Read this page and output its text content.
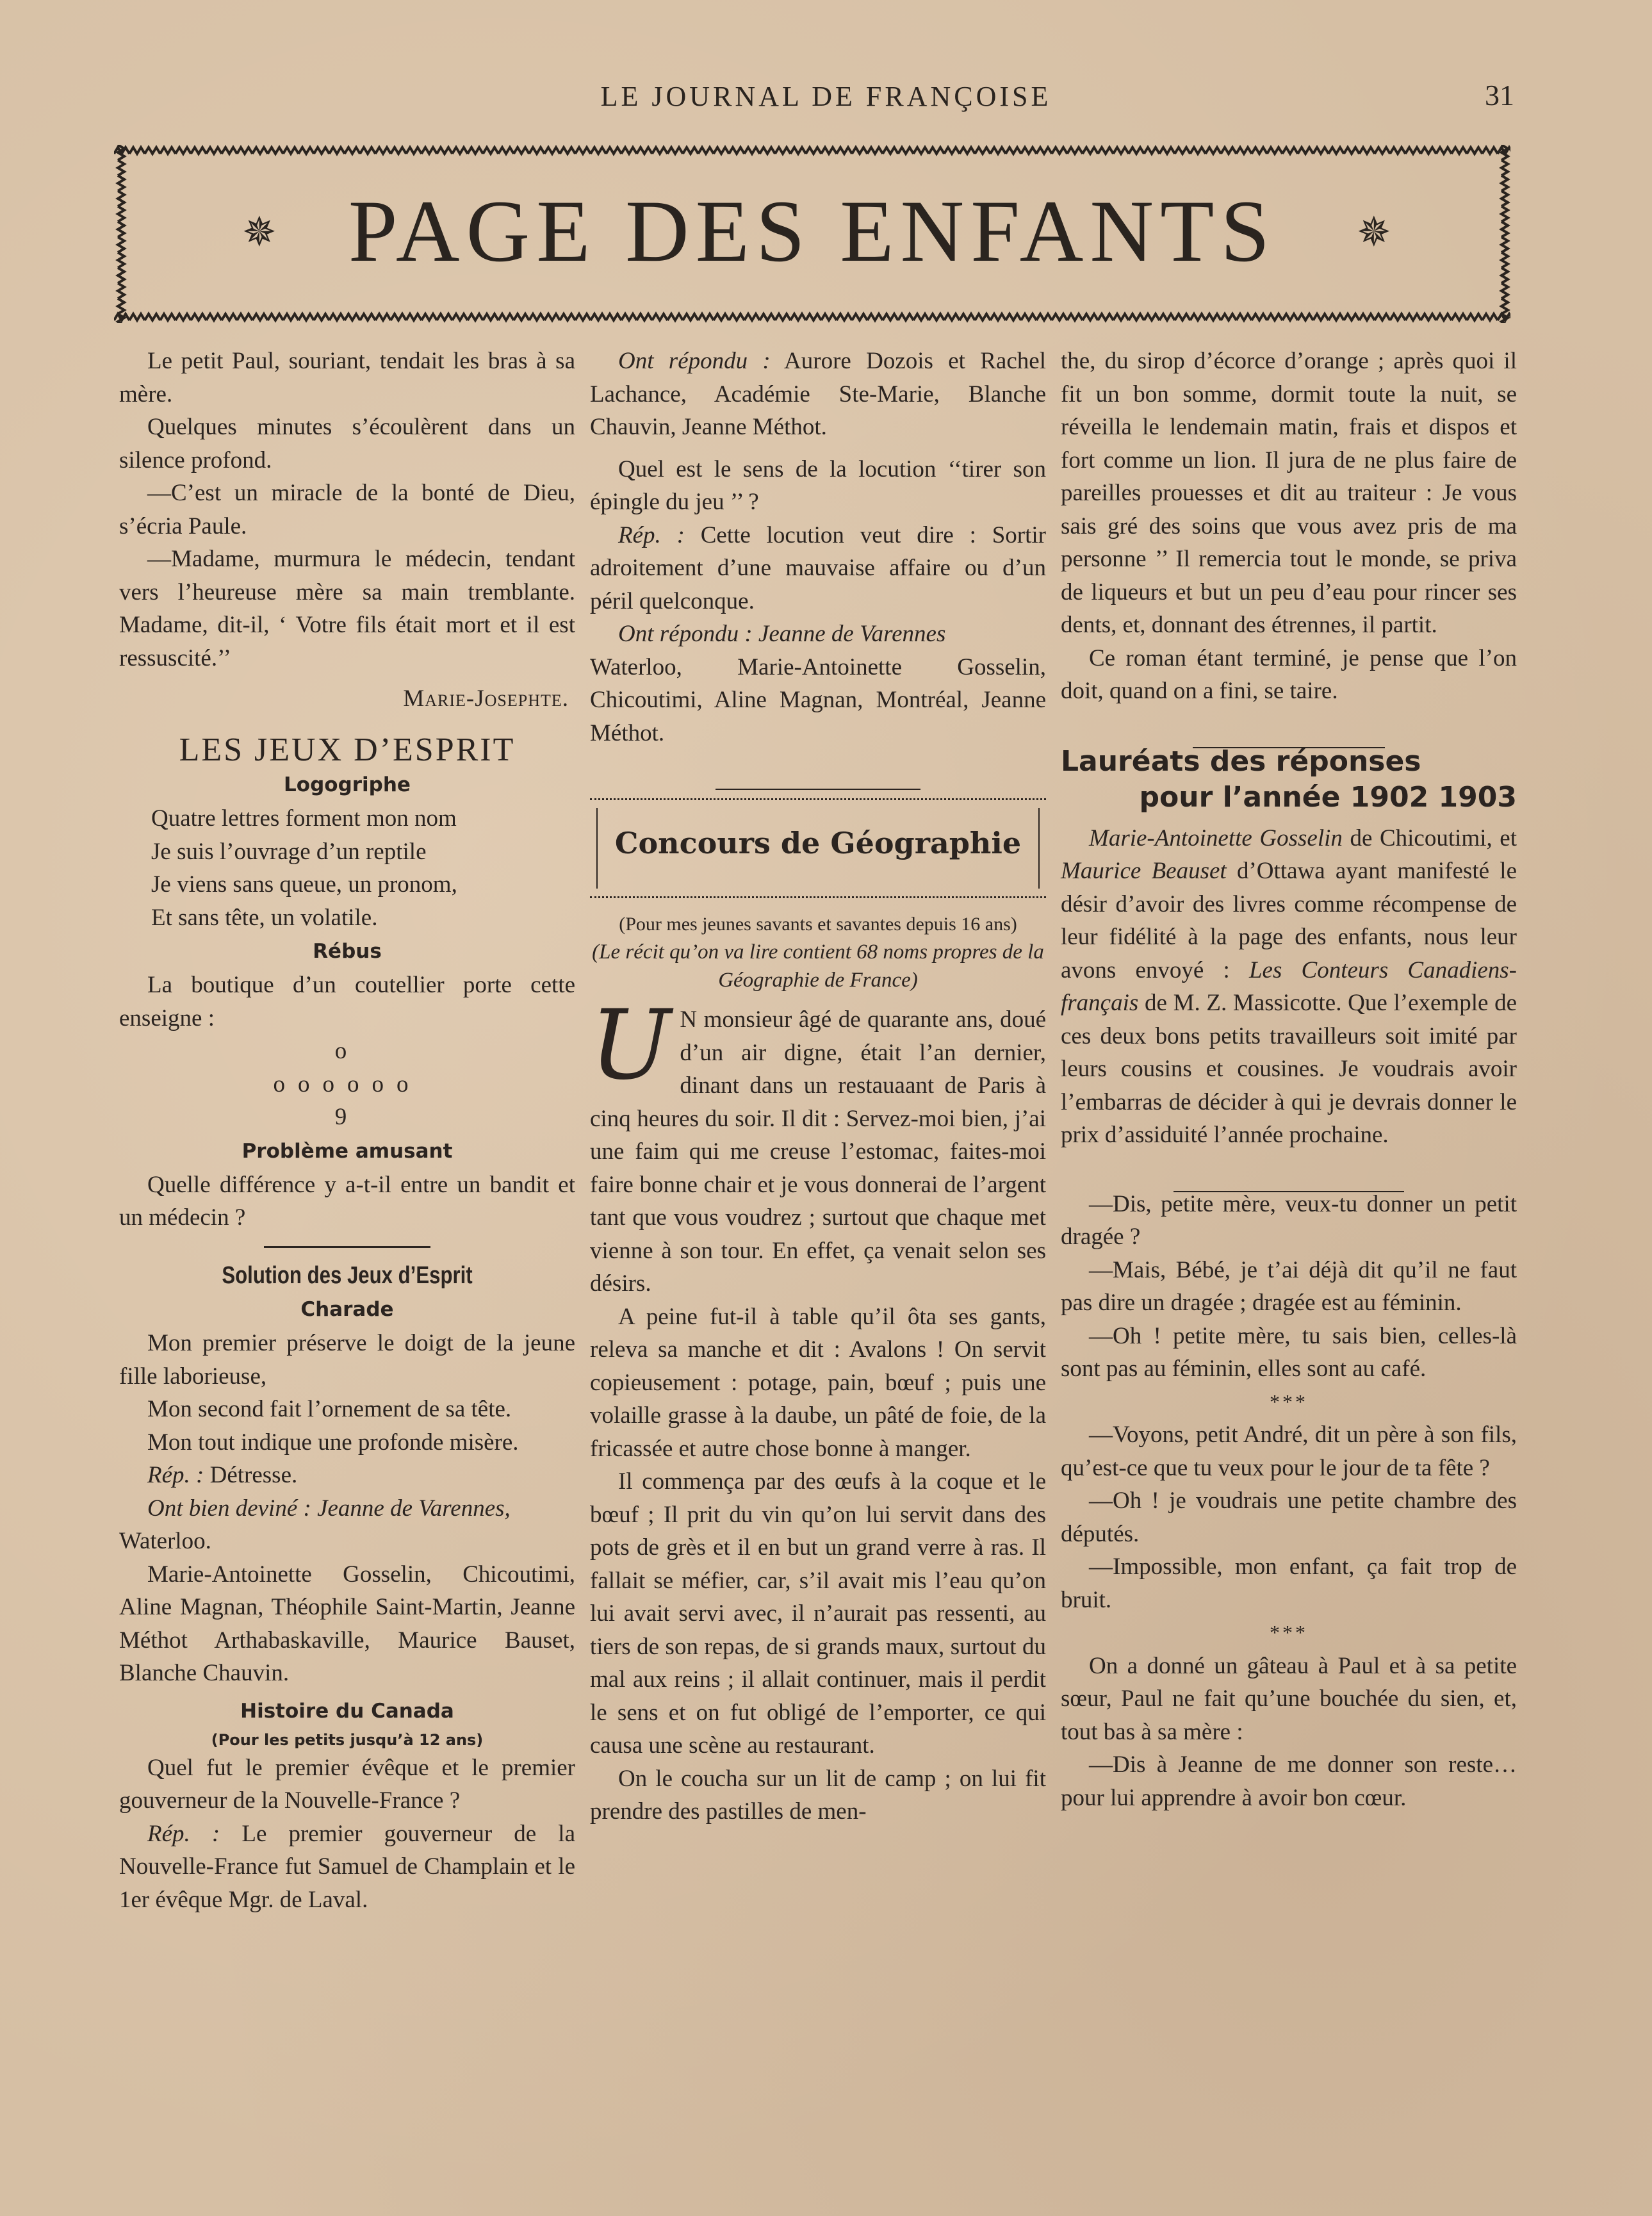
LE JOURNAL DE FRANÇOISE	31
✵ PAGE DES ENFANTS	✵

Le petit Paul, souriant, tendait les bras à sa mère.

Quelques minutes s’écoulèrent dans un silence profond.

—C’est un miracle de la bonté de Dieu, s’écria Paule.

—Madame, murmura le médecin, tendant vers l’heureuse mère sa main tremblante. Madame, dit-il, ‘ Votre fils était mort et il est ressuscité.’’

Marie-Josephte.
LES JEUX D’ESPRIT
Logogriphe
Quatre lettres forment mon nom
Je suis l’ouvrage d’un reptile
Je viens sans queue, un pronom,
Et sans tête, un volatile.
Rébus

La boutique d’un coutellier porte cette enseigne :

o
oooooo
9
Problème amusant

Quelle différence y a-t-il entre un bandit et un médecin ?

Solution des Jeux d’Esprit
Charade

Mon premier préserve le doigt de la jeune fille laborieuse,

Mon second fait l’ornement de sa tête.

Mon tout indique une profonde misère.

Rép. : Détresse.

Ont bien deviné : Jeanne de Varennes,

Waterloo.

Marie-Antoinette Gosselin, Chicoutimi, Aline Magnan, Théophile Saint-Martin, Jeanne Méthot Arthabaskaville, Maurice Bauset, Blanche Chauvin.

Histoire du Canada
(Pour les petits jusqu’à 12 ans)

Quel fut le premier évêque et le premier gouverneur de la Nouvelle-France ?

Rép. : Le premier gouverneur de la Nouvelle-France fut Samuel de Champlain et le 1er évêque Mgr. de Laval.

Ont répondu : Aurore Dozois et Rachel Lachance, Académie Ste-Marie, Blanche Chauvin, Jeanne Méthot.

Quel est le sens de la locution ‘‘tirer son épingle du jeu ’’ ?

Rép. : Cette locution veut dire : Sortir adroitement d’une mauvaise affaire ou d’un péril quelconque.

Ont répondu : Jeanne de Varennes

Waterloo, Marie-Antoinette Gosselin, Chicoutimi, Aline Magnan, Montréal, Jeanne Méthot.

Concours de Géographie
(Pour mes jeunes savants et savantes depuis 16 ans)
(Le récit qu’on va lire contient 68 noms propres de la Géographie de France)

U N monsieur âgé de quarante ans, doué d’un air digne, était l’an dernier, dinant dans un restauaant de Paris à cinq heures du soir. Il dit : Servez-moi bien, j’ai une faim qui me creuse l’estomac, faites-moi faire bonne chair et je vous donnerai de l’argent tant que vous voudrez ; surtout que chaque met vienne à son tour. En effet, ça venait selon ses désirs.

A peine fut-il à table qu’il ôta ses gants, releva sa manche et dit : Avalons ! On servit copieusement : potage, pain, bœuf ; puis une volaille grasse à la daube, un pâté de foie, de la fricassée et autre chose bonne à manger.

Il commença par des œufs à la coque et le bœuf ; Il prit du vin qu’on lui servit dans des pots de grès et il en but un grand verre à ras. Il fallait se méfier, car, s’il avait mis l’eau qu’on lui avait servi avec, il n’aurait pas ressenti, au tiers de son repas, de si grands maux, surtout du mal aux reins ; il allait continuer, mais il perdit le sens et on fut obligé de l’emporter, ce qui causa une scène au restaurant.

On le coucha sur un lit de camp ; on lui fit prendre des pastilles de men-

the, du sirop d’écorce d’orange ; après quoi il fit un bon somme, dormit toute la nuit, se réveilla le lendemain matin, frais et dispos et fort comme un lion. Il jura de ne plus faire de pareilles prouesses et dit au traiteur : Je vous sais gré des soins que vous avez pris de ma personne ’’ Il remercia tout le monde, se priva de liqueurs et but un peu d’eau pour rincer ses dents, et, donnant des étrennes, il partit.

Ce roman étant terminé, je pense que l’on doit, quand on a fini, se taire.

Lauréats des réponses
pour l’année 1902 1903

Marie-Antoinette Gosselin de Chicoutimi, et Maurice Beauset d’Ottawa ayant manifesté le désir d’avoir des livres comme récompense de leur fidélité à la page des enfants, nous leur avons envoyé : Les Conteurs Canadiens-français de M. Z. Massicotte. Que l’exemple de ces deux bons petits travailleurs soit imité par leurs cousins et cousines. Je voudrais avoir l’embarras de décider à qui je devrais donner le prix d’assiduité l’année prochaine.

—Dis, petite mère, veux-tu donner un petit dragée ?

—Mais, Bébé, je t’ai déjà dit qu’il ne faut pas dire un dragée ; dragée est au féminin.

—Oh ! petite mère, tu sais bien, celles-là sont pas au féminin, elles sont au café.

***

—Voyons, petit André, dit un père à son fils, qu’est-ce que tu veux pour le jour de ta fête ?

—Oh ! je voudrais une petite chambre des députés.

—Impossible, mon enfant, ça fait trop de bruit.

***

On a donné un gâteau à Paul et à sa petite sœur, Paul ne fait qu’une bouchée du sien, et, tout bas à sa mère :

—Dis à Jeanne de me donner son reste… pour lui apprendre à avoir bon cœur.
